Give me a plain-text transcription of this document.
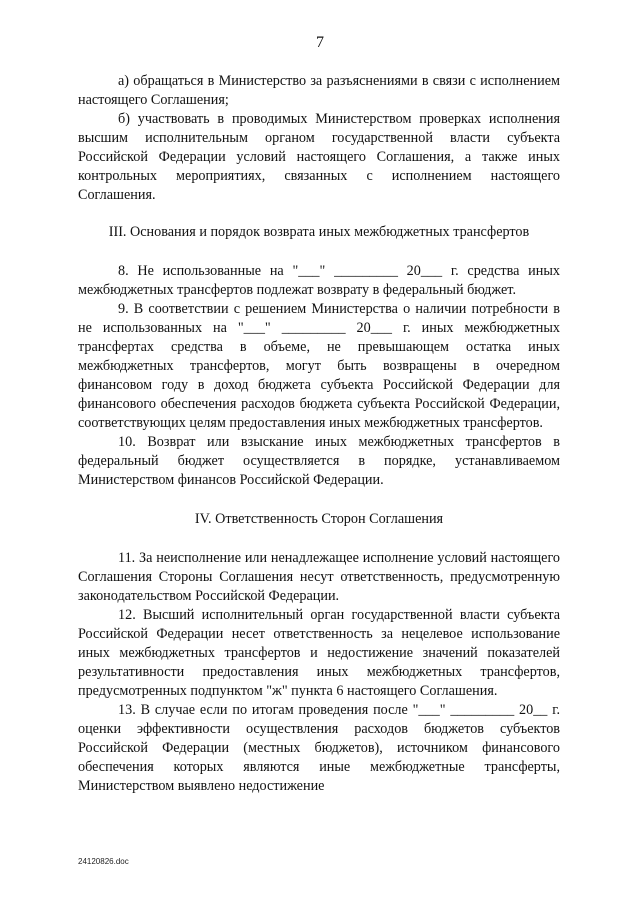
7

а) обращаться в Министерство за разъяснениями в связи с исполнением настоящего Соглашения;

б) участвовать в проводимых Министерством проверках исполнения высшим исполнительным органом государственной власти субъекта Российской Федерации условий настоящего Соглашения, а также иных контрольных мероприятиях, связанных с исполнением настоящего Соглашения.

III. Основания и порядок возврата иных межбюджетных трансфертов

8. Не использованные на "___" _________ 20___ г. средства иных межбюджетных трансфертов подлежат возврату в федеральный бюджет.

9. В соответствии с решением Министерства о наличии потребности в не использованных на "___" _________ 20___ г. иных межбюджетных трансфертах средства в объеме, не превышающем остатка иных межбюджетных трансфертов, могут быть возвращены в очередном финансовом году в доход бюджета субъекта Российской Федерации для финансового обеспечения расходов бюджета субъекта Российской Федерации, соответствующих целям предоставления иных межбюджетных трансфертов.

10. Возврат или взыскание иных межбюджетных трансфертов в федеральный бюджет осуществляется в порядке, устанавливаемом Министерством финансов Российской Федерации.

IV. Ответственность Сторон Соглашения

11. За неисполнение или ненадлежащее исполнение условий настоящего Соглашения Стороны Соглашения несут ответственность, предусмотренную законодательством Российской Федерации.

12. Высший исполнительный орган государственной власти субъекта Российской Федерации несет ответственность за нецелевое использование иных межбюджетных трансфертов и недостижение значений показателей результативности предоставления иных межбюджетных трансфертов, предусмотренных подпунктом "ж" пункта 6 настоящего Соглашения.

13. В случае если по итогам проведения после "___" _________ 20__ г. оценки эффективности осуществления расходов бюджетов субъектов Российской Федерации (местных бюджетов), источником финансового обеспечения которых являются иные межбюджетные трансферты, Министерством выявлено недостижение

24120826.doc
